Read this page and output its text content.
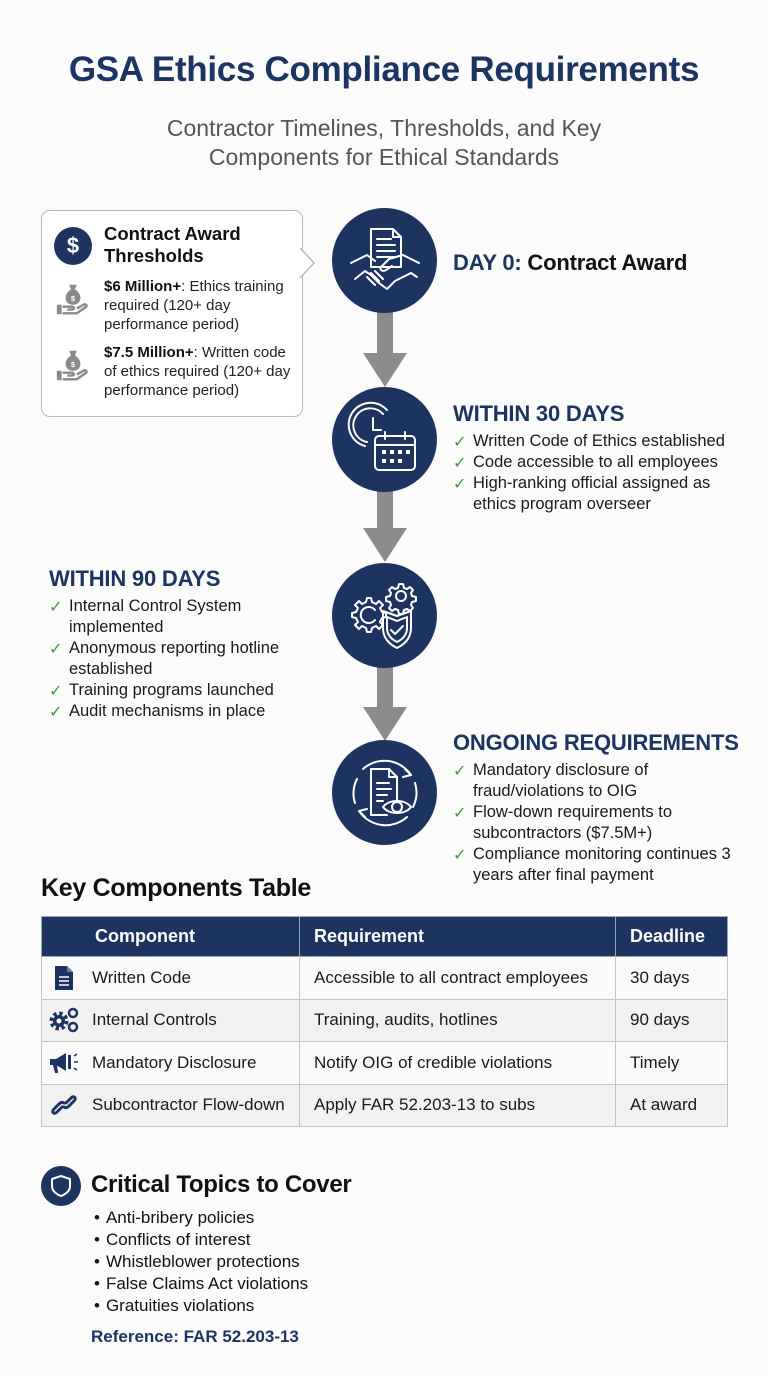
GSA Ethics Compliance Requirements
Contractor Timelines, Thresholds, and Key
Components for Ethical Standards
$	Contract Award
Thresholds
$
$6 Million+: Ethics training required (120+ day performance period)
$
$7.5 Million+: Written code of ethics required (120+ day performance period)
DAY 0: Contract Award
WITHIN 30 DAYS
✓ Written Code of Ethics established
✓ Code accessible to all employees
✓ High-ranking official assigned as ethics program overseer
WITHIN 90 DAYS
✓ Internal Control System implemented
✓ Anonymous reporting hotline established
✓ Training programs launched
✓ Audit mechanisms in place
ONGOING REQUIREMENTS
✓ Mandatory disclosure of fraud/violations to OIG
✓ Flow-down requirements to subcontractors ($7.5M+)
✓ Compliance monitoring continues 3 years after final payment
Key Components Table
Component	Requirement	Deadline

Written Code	Accessible to all contract employees	30 days

Internal Controls	Training, audits, hotlines	90 days

Mandatory Disclosure	Notify OIG of credible violations	Timely

Subcontractor Flow-down	Apply FAR 52.203-13 to subs	At award
Critical Topics to Cover
• Anti-bribery policies
• Conflicts of interest
• Whistleblower protections
• False Claims Act violations
• Gratuities violations
Reference: FAR 52.203-13
